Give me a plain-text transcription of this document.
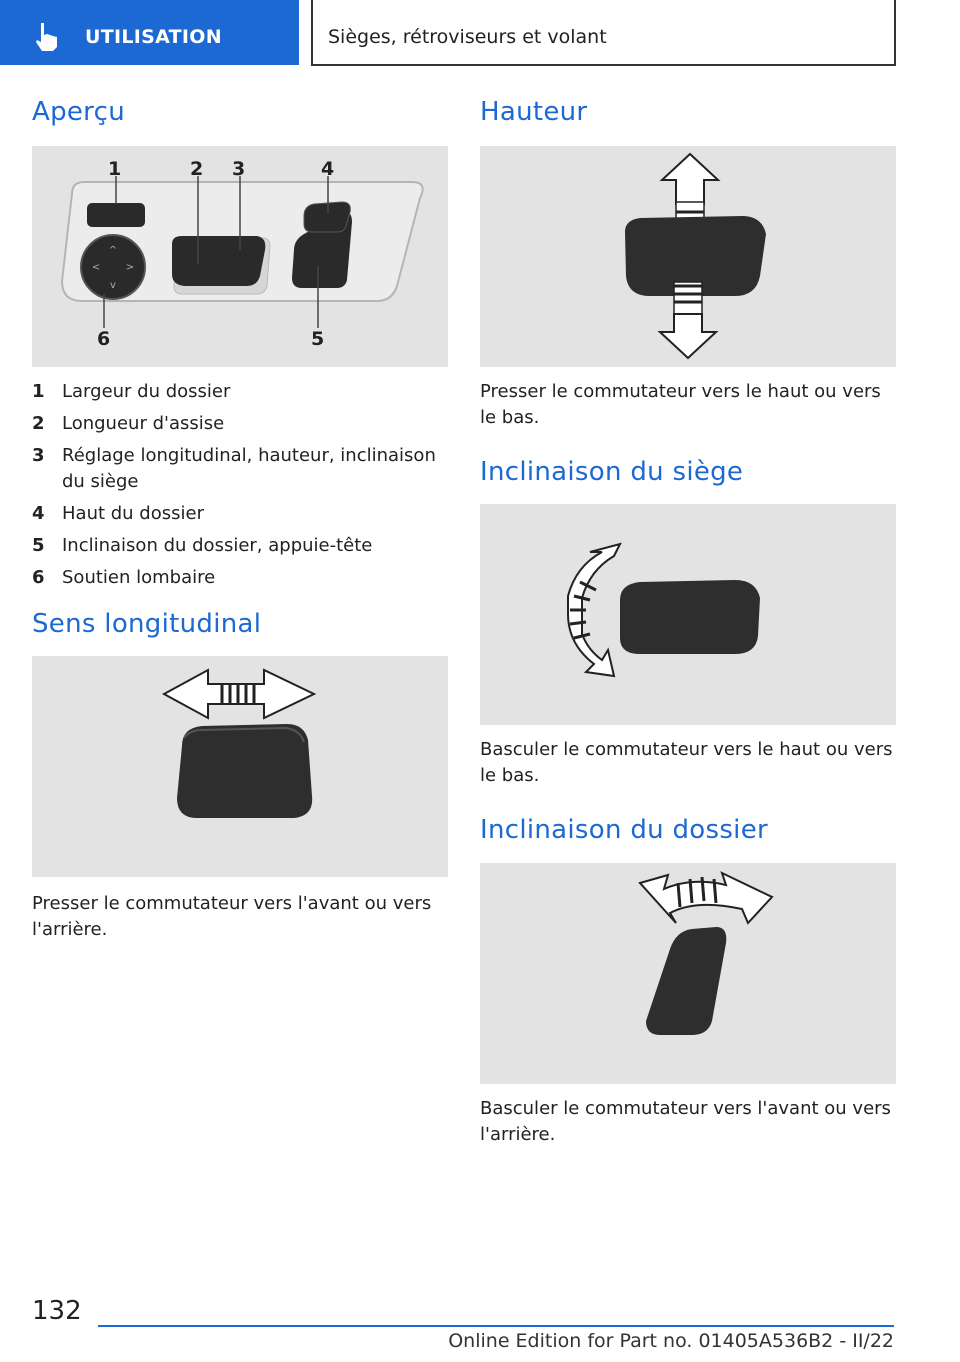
UTILISATION	Sièges, rétroviseurs et volant
Aperçu
^
v
<	>
1	2 3	4
5
6
1 Largeur du dossier
2 Longueur d'assise
3 Réglage longitudinal, hauteur, inclinaison du siège
4 Haut du dossier
5 Inclinaison du dossier, appuie-tête
6 Soutien lombaire
Sens longitudinal

Presser le commutateur vers l'avant ou vers l'arrière.

Hauteur

Presser le commutateur vers le haut ou vers le bas.

Inclinaison du siège

Basculer le commutateur vers le haut ou vers le bas.

Inclinaison du dossier

Basculer le commutateur vers l'avant ou vers l'arrière.

132
Online Edition for Part no. 01405A536B2 - II/22
